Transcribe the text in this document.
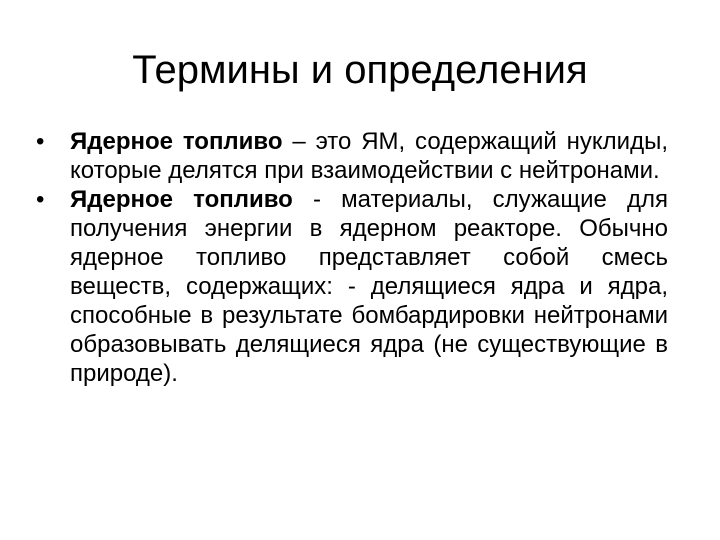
Термины и определения
•	Ядерное топливо – это ЯМ, содержащий нуклиды, которые делятся при взаимодействии с нейтронами.
•	Ядерное топливо - материалы, служащие для получения энергии в ядерном реакторе. Обычно ядерное топливо представляет собой смесь веществ, содержащих: - делящиеся ядра и ядра, способные в результате бомбардировки нейтронами образовывать делящиеся ядра (не существующие в природе).
